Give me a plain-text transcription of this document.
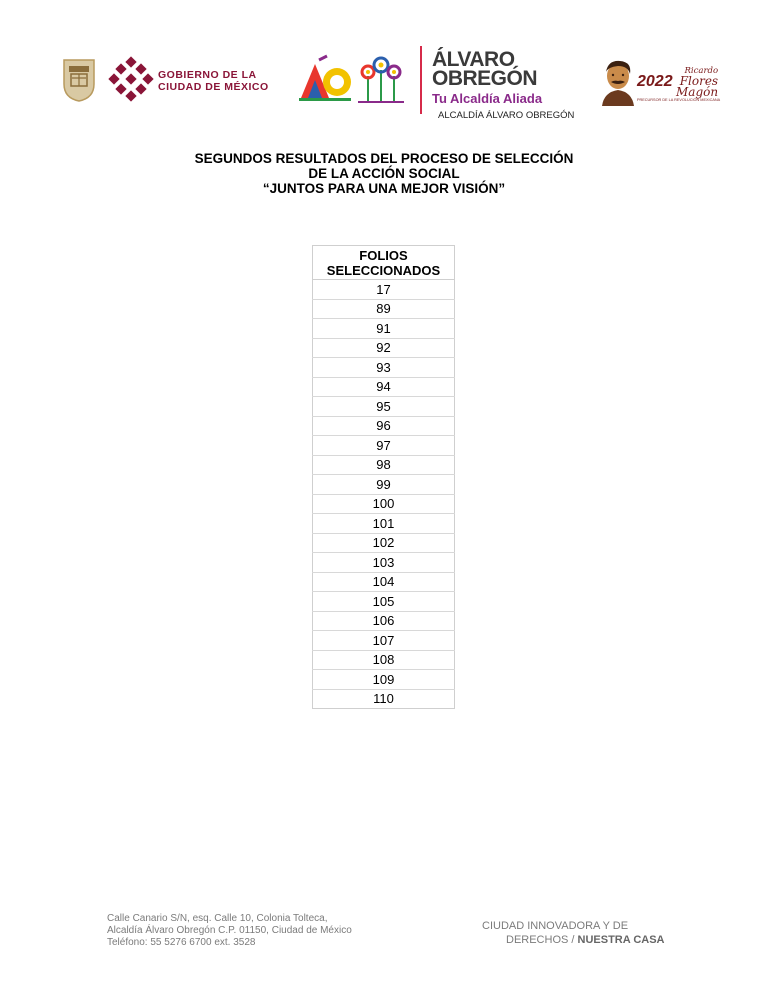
GOBIERNO DE LA
CIUDAD DE MÉXICO
ÁLVARO
OBREGÓN
Tu Alcaldía Aliada
ALCALDÍA ÁLVARO OBREGÓN
2022
Ricardo
Flores
Magón
PRECURSOR DE LA REVOLUCIÓN MEXICANA
SEGUNDOS RESULTADOS DEL PROCESO DE SELECCIÓN
DE LA ACCIÓN SOCIAL
“JUNTOS PARA UNA MEJOR VISIÓN”
FOLIOS
SELECCIONADOS

17
89
91
92
93
94
95
96
97
98
99
100
101
102
103
104
105
106
107
108
109
110
Calle Canario S/N, esq. Calle 10, Colonia Tolteca,
Alcaldía Álvaro Obregón C.P. 01150, Ciudad de México
Teléfono: 55 5276 6700 ext. 3528
CIUDAD INNOVADORA Y DE
DERECHOS / NUESTRA CASA
